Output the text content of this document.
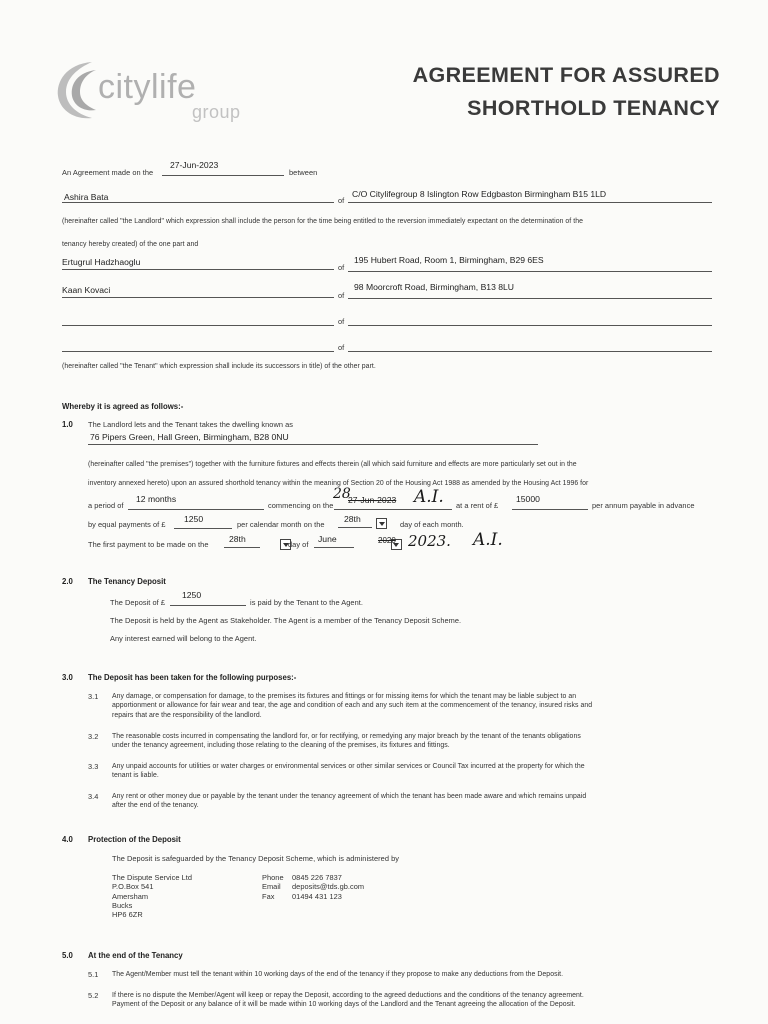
citylife
group
AGREEMENT FOR ASSURED
SHORTHOLD TENANCY
An Agreement made on the
27-Jun-2023
between
Ashira Bata	of
C/O Citylifegroup 8 Islington Row Edgbaston Birmingham B15 1LD
(hereinafter called "the Landlord" which expression shall include the person for the time being entitled to the reversion immediately expectant on the determination of the
tenancy hereby created) of the one part and
Ertugrul Hadzhaoglu
of
195 Hubert Road, Room 1, Birmingham, B29 6ES
Kaan Kovaci
of
98 Moorcroft Road, Birmingham, B13 8LU
of
of
(hereinafter called "the Tenant" which expression shall include its successors in title) of the other part.
Whereby it is agreed as follows:-
1.0 The Landlord lets and the Tenant takes the dwelling known as
76 Pipers Green, Hall Green, Birmingham, B28 0NU
(hereinafter called "the premises") together with the furniture fixtures and effects therein (all which said furniture and effects are more particularly set out in the
inventory annexed hereto) upon an assured shorthold tenancy within the meaning of Section 20 of the Housing Act 1988 as amended by the Housing Act 1996 for
a period of
12 months
commencing on the
27-Jun-2023
28	A.I. at a rent of £
15000
per annum payable in advance
by equal payments of £
1250
per calendar month on the
28th

day of each month.
The first payment to be made on the
28th

day of
June	2020 2023. A.I.
2.0 The Tenancy Deposit
The Deposit of £
1250
is paid by the Tenant to the Agent.
The Deposit is held by the Agent as Stakeholder. The Agent is a member of the Tenancy Deposit Scheme.
Any interest earned will belong to the Agent.
3.0 The Deposit has been taken for the following purposes:-
3.1 Any damage, or compensation for damage, to the premises its fixtures and fittings or for missing items for which the tenant may be liable subject to an
apportionment or allowance for fair wear and tear, the age and condition of each and any such item at the commencement of the tenancy, insured risks and
repairs that are the responsibility of the landlord.
3.2 The reasonable costs incurred in compensating the landlord for, or for rectifying, or remedying any major breach by the tenant of the tenants obligations
under the tenancy agreement, including those relating to the cleaning of the premises, its fixtures and fittings.
3.3 Any unpaid accounts for utilities or water charges or environmental services or other similar services or Council Tax incurred at the property for which the
tenant is liable.
3.4 Any rent or other money due or payable by the tenant under the tenancy agreement of which the tenant has been made aware and which remains unpaid
after the end of the tenancy.
4.0 Protection of the Deposit
The Deposit is safeguarded by the Tenancy Deposit Scheme, which is administered by
The Dispute Service Ltd
P.O.Box 541
Amersham
Bucks
HP6 6ZR
Phone 0845 226 7837
Email deposits@tds.gb.com
Fax 01494 431 123
5.0 At the end of the Tenancy
5.1 The Agent/Member must tell the tenant within 10 working days of the end of the tenancy if they propose to make any deductions from the Deposit.
5.2 If there is no dispute the Member/Agent will keep or repay the Deposit, according to the agreed deductions and the conditions of the tenancy agreement.
Payment of the Deposit or any balance of it will be made within 10 working days of the Landlord and the Tenant agreeing the allocation of the Deposit.
